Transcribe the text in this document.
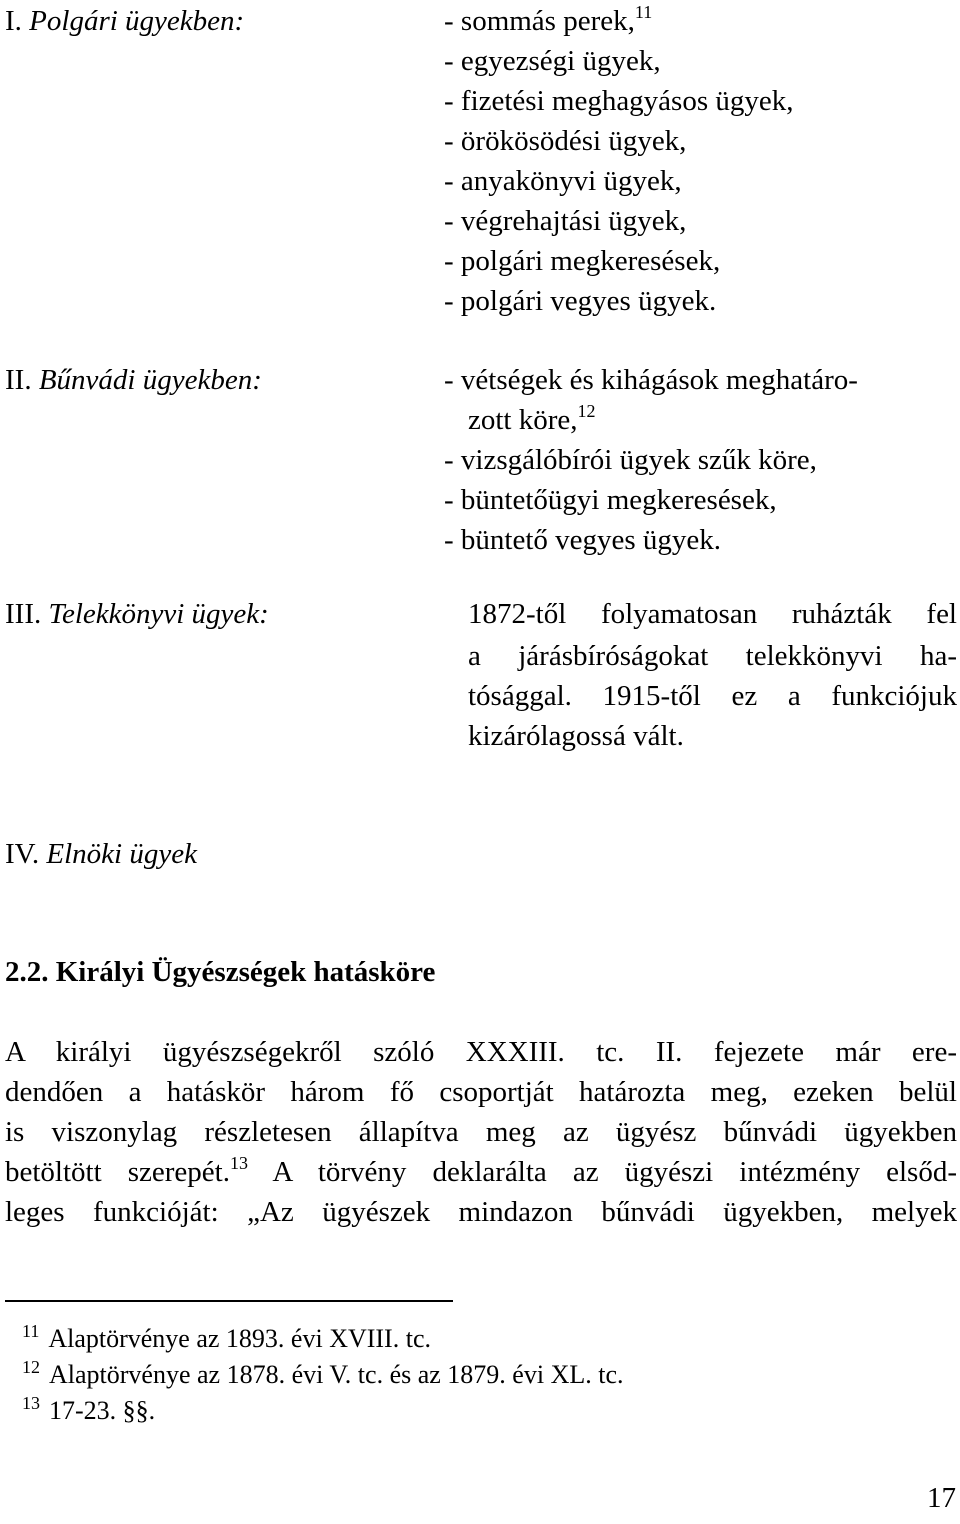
I. Polgári ügyekben:	- sommás perek,$^{11}$
- egyezségi ügyek,
- fizetési meghagyásos ügyek,
- örökösödési ügyek,
- anyakönyvi ügyek,
- végrehajtási ügyek,
- polgári megkeresések,
- polgári vegyes ügyek.
II. Bűnvádi ügyekben:	- vétségek és kihágások meghatáro-
zott köre,$^{12}$
- vizsgálóbírói ügyek szűk köre,
- büntetőügyi megkeresések,
- büntető vegyes ügyek.
III. Telekkönyvi ügyek:	1872-től folyamatosan ruházták fel
a járásbíróságokat telekkönyvi ha-
tósággal. 1915-től ez a funkciójuk
kizárólagossá vált.
IV. Elnöki ügyek
2.2. Királyi Ügyészségek hatásköre
A királyi ügyészségekről szóló XXXIII. tc. II. fejezete már ere-
dendően a hatáskör három fő csoportját határozta meg, ezeken belül
is viszonylag részletesen állapítva meg az ügyész bűnvádi ügyekben
betöltött szerepét.$^{13}$ A törvény deklarálta az ügyészi intézmény elsőd-
leges funkcióját: „Az ügyészek mindazon bűnvádi ügyekben, melyek
$^{11}$ Alaptörvénye az 1893. évi XVIII. tc.
$^{12}$ Alaptörvénye az 1878. évi V. tc. és az 1879. évi XL. tc.
$^{13}$ 17-23. §§.
17
